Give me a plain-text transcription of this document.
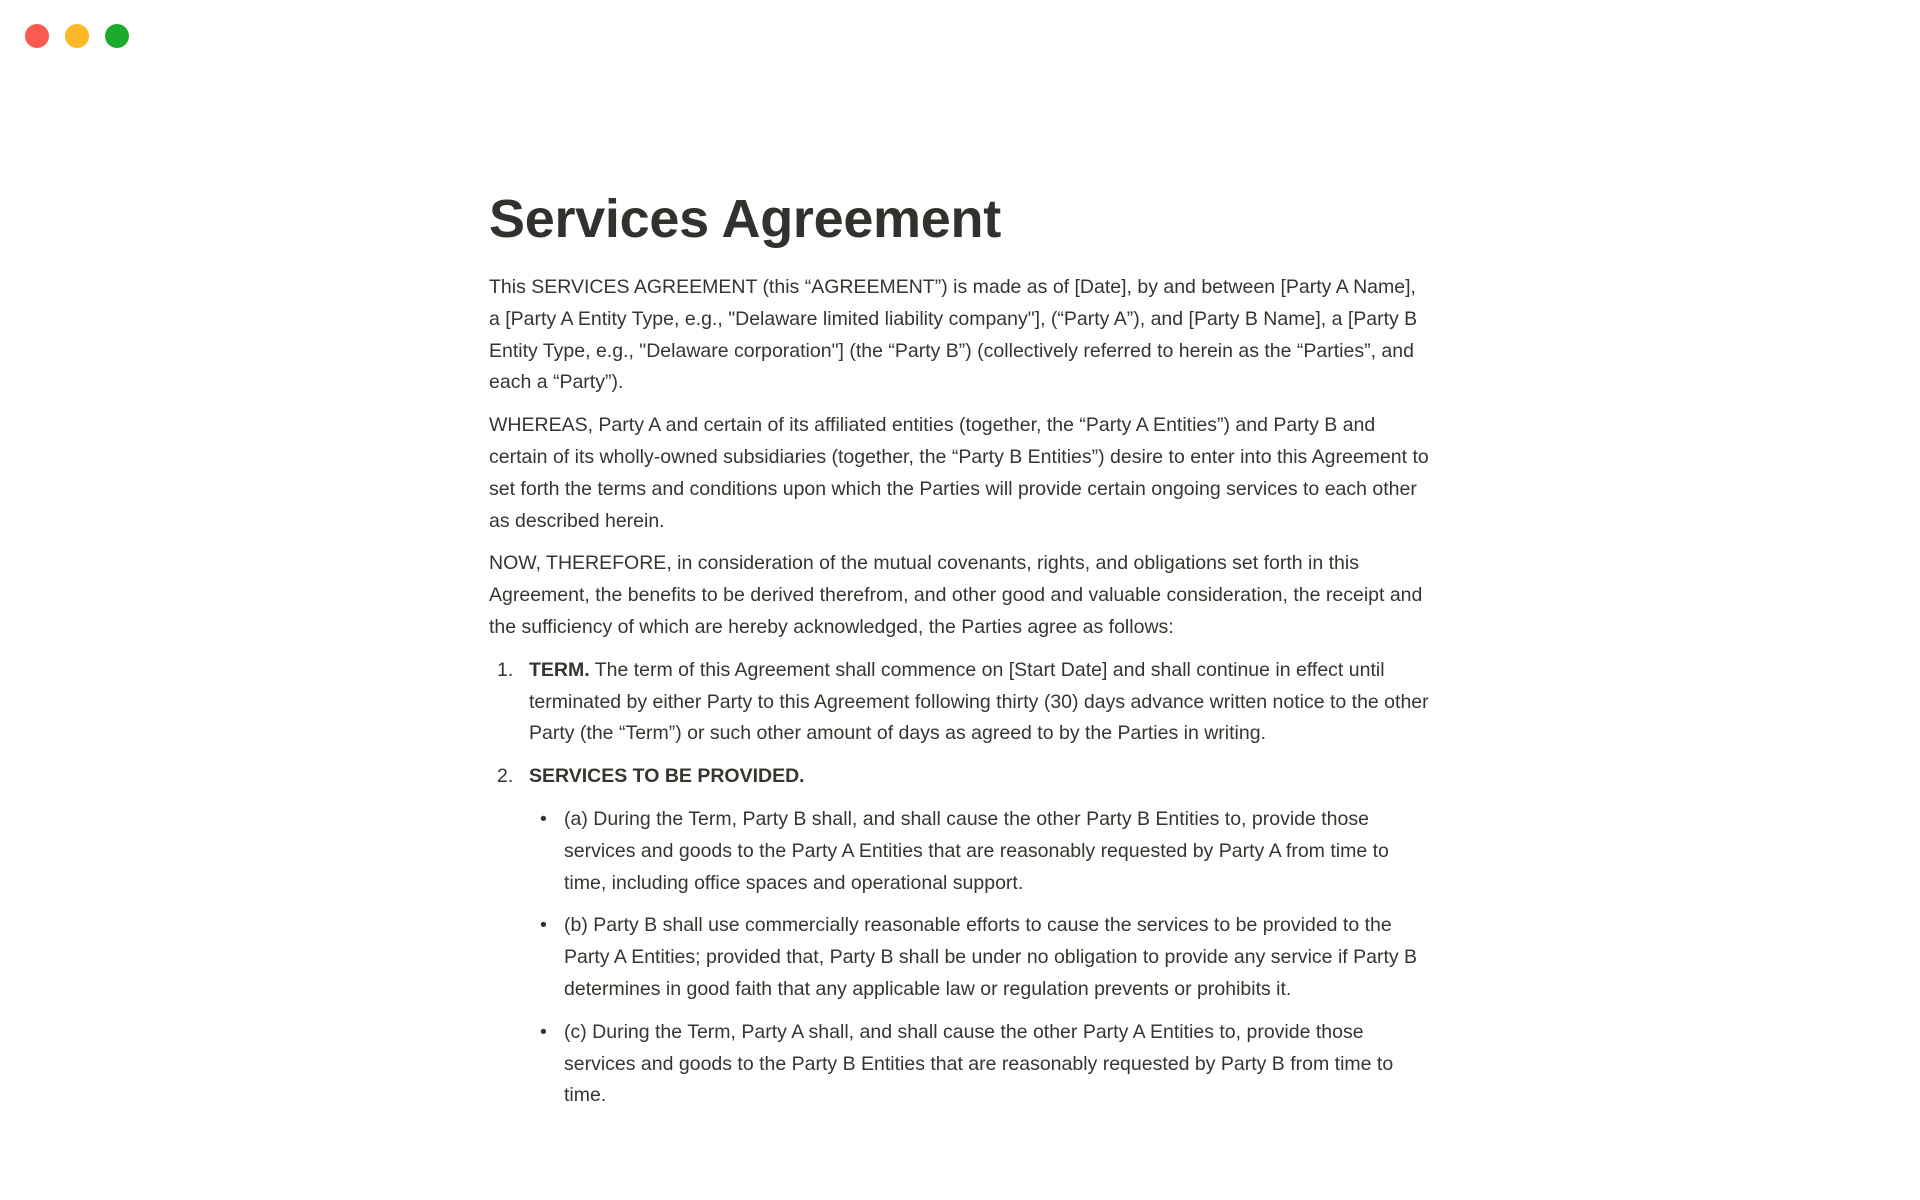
Services Agreement

This SERVICES AGREEMENT (this “AGREEMENT”) is made as of [Date], by and between [Party A Name], a [Party A Entity Type, e.g., "Delaware limited liability company"], (“Party A”), and [Party B Name], a [Party B Entity Type, e.g., "Delaware corporation"] (the “Party B”) (collectively referred to herein as the “Parties”, and each a “Party”).

WHEREAS, Party A and certain of its affiliated entities (together, the “Party A Entities”) and Party B and certain of its wholly-owned subsidiaries (together, the “Party B Entities”) desire to enter into this Agreement to set forth the terms and conditions upon which the Parties will provide certain ongoing services to each other as described herein.

NOW, THEREFORE, in consideration of the mutual covenants, rights, and obligations set forth in this Agreement, the benefits to be derived therefrom, and other good and valuable consideration, the receipt and the sufficiency of which are hereby acknowledged, the Parties agree as follows:

1. TERM. The term of this Agreement shall commence on [Start Date] and shall continue in effect until terminated by either Party to this Agreement following thirty (30) days advance written notice to the other Party (the “Term”) or such other amount of days as agreed to by the Parties in writing.
2. SERVICES TO BE PROVIDED.
• (a) During the Term, Party B shall, and shall cause the other Party B Entities to, provide those services and goods to the Party A Entities that are reasonably requested by Party A from time to time, including office spaces and operational support.
• (b) Party B shall use commercially reasonable efforts to cause the services to be provided to the Party A Entities; provided that, Party B shall be under no obligation to provide any service if Party B determines in good faith that any applicable law or regulation prevents or prohibits it.
• (c) During the Term, Party A shall, and shall cause the other Party A Entities to, provide those services and goods to the Party B Entities that are reasonably requested by Party B from time to time.
